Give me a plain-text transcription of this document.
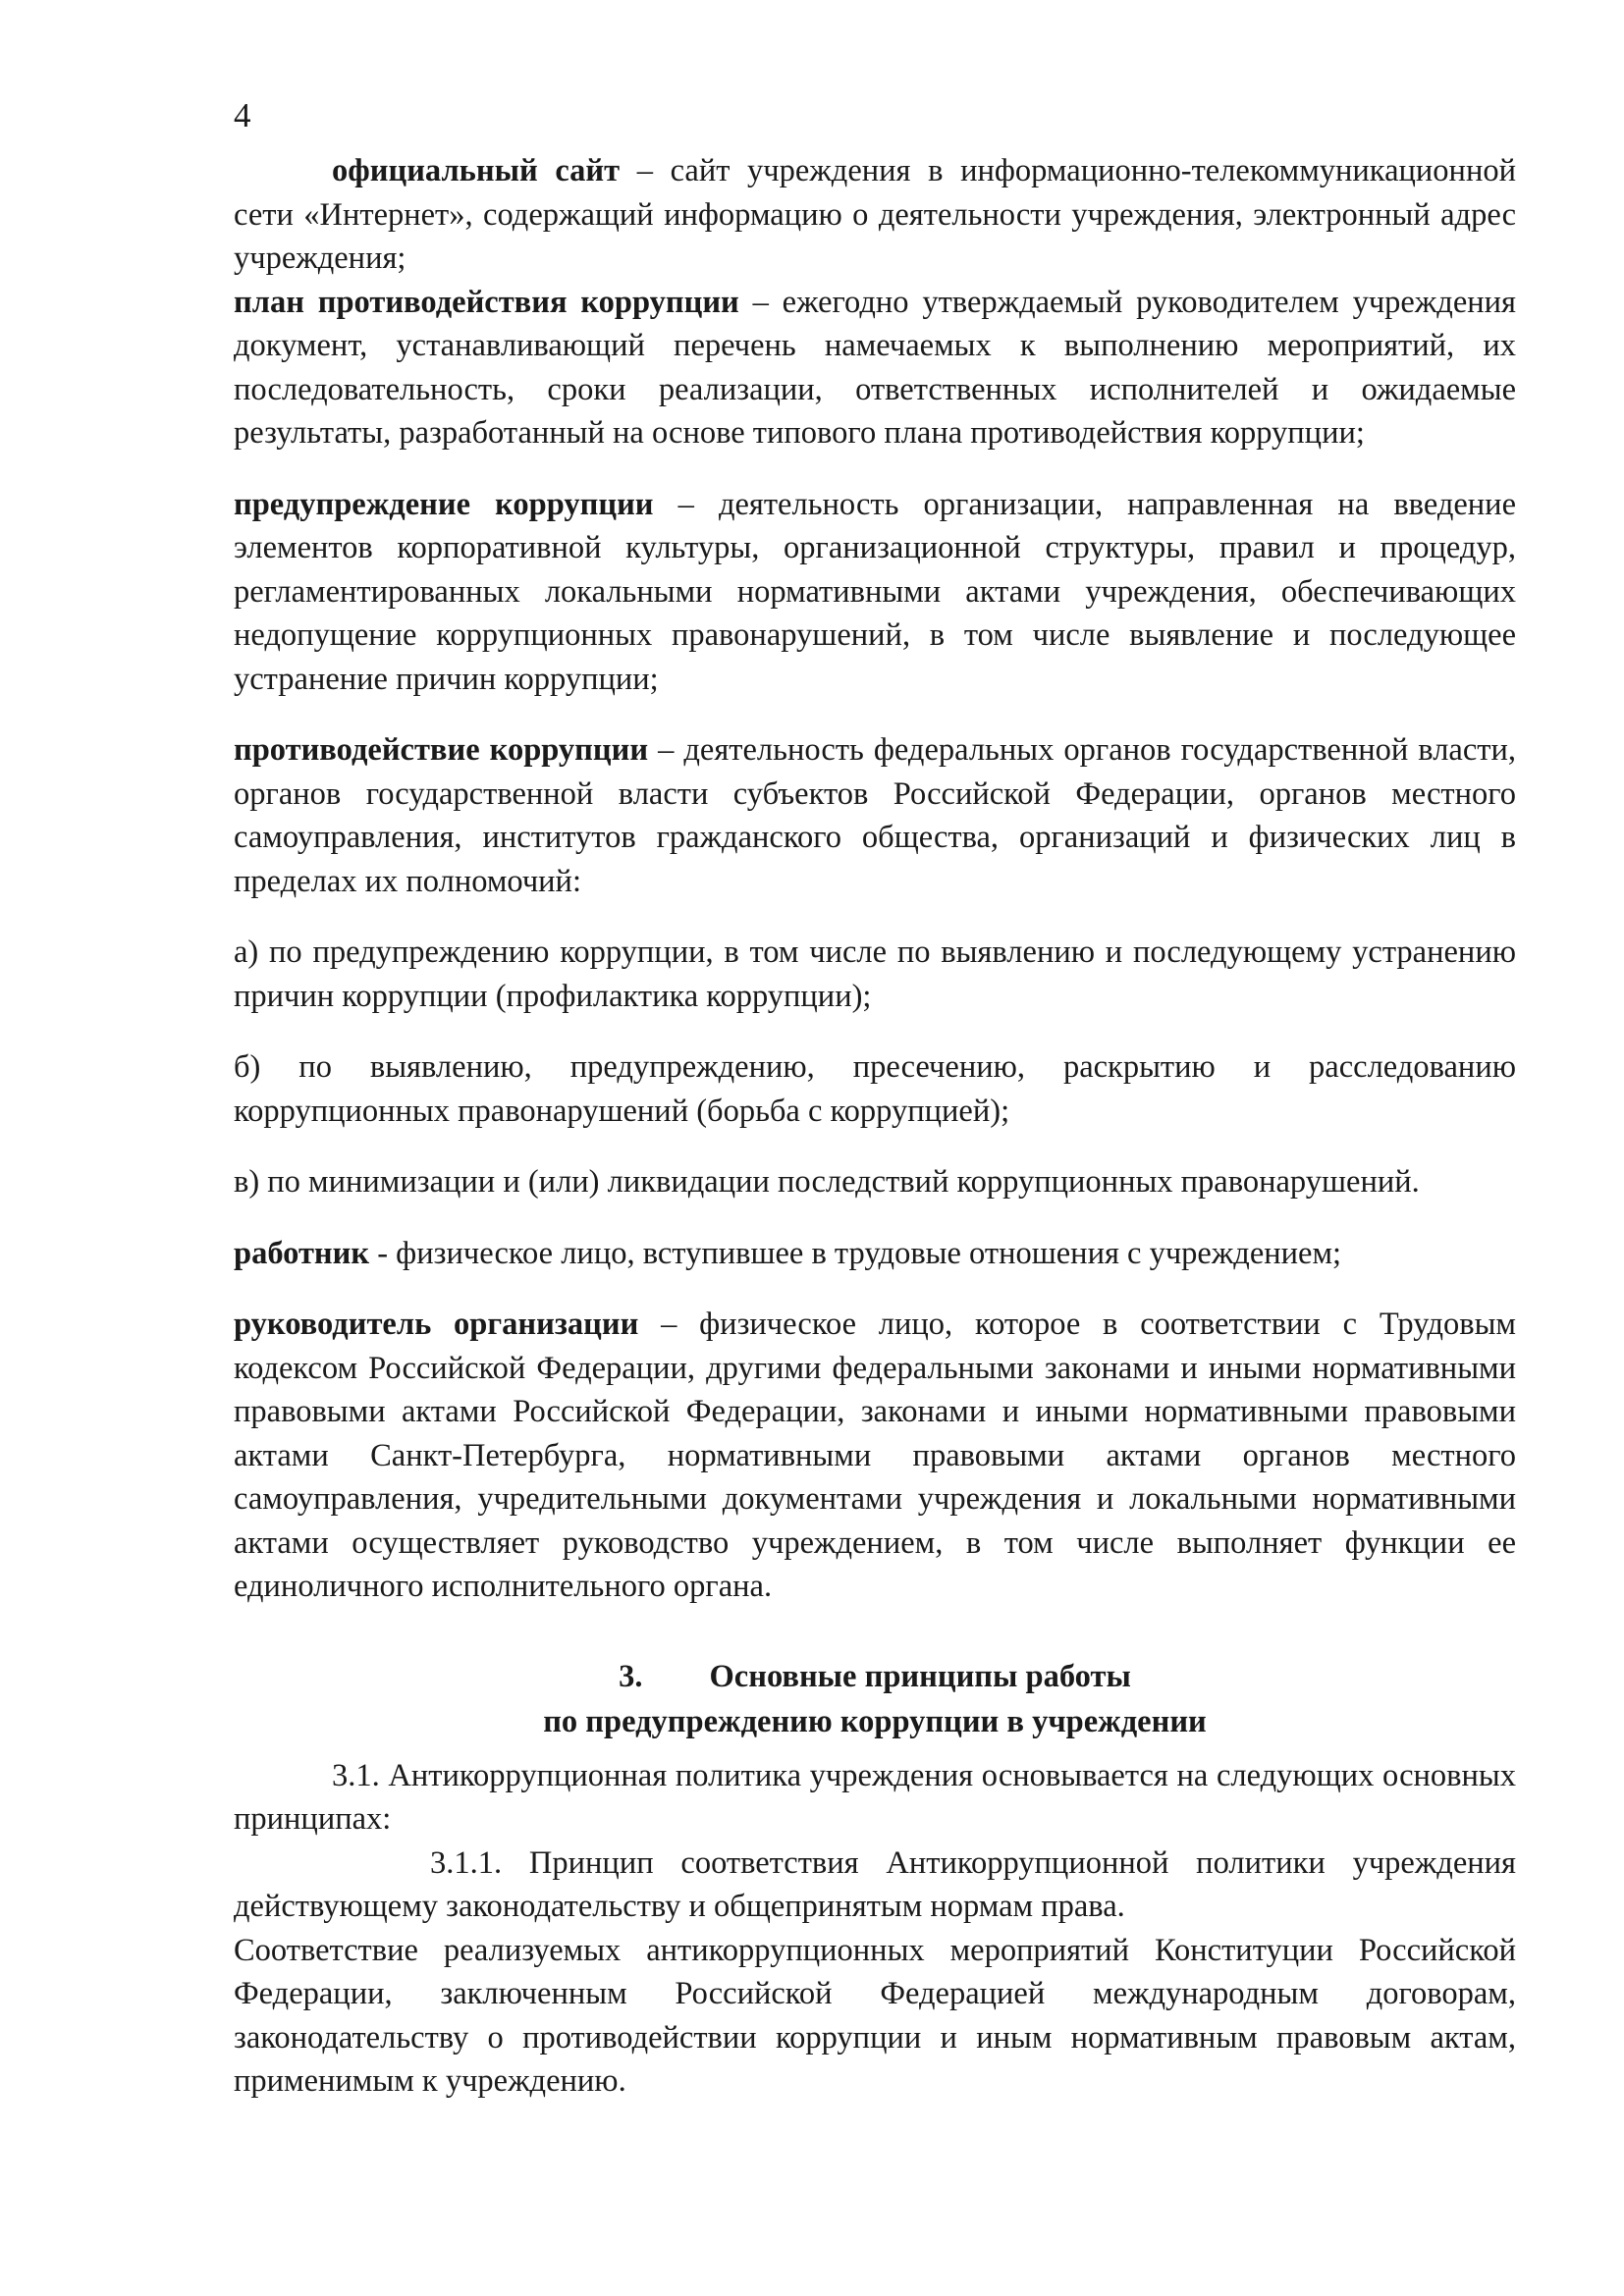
4

официальный сайт – сайт учреждения в информационно-телекоммуникационной сети «Интернет», содержащий информацию о деятельности учреждения, электронный адрес учреждения;

план противодействия коррупции – ежегодно утверждаемый руководителем учреждения документ, устанавливающий перечень намечаемых к выполнению мероприятий, их последовательность, сроки реализации, ответственных исполнителей и ожидаемые результаты, разработанный на основе типового плана противодействия коррупции;

предупреждение коррупции – деятельность организации, направленная на введение элементов корпоративной культуры, организационной структуры, правил и процедур, регламентированных локальными нормативными актами учреждения, обеспечивающих недопущение коррупционных правонарушений, в том числе выявление и последующее устранение причин коррупции;

противодействие коррупции – деятельность федеральных органов государственной власти, органов государственной власти субъектов Российской Федерации, органов местного самоуправления, институтов гражданского общества, организаций и физических лиц в пределах их полномочий:

а) по предупреждению коррупции, в том числе по выявлению и последующему устранению причин коррупции (профилактика коррупции);

б) по выявлению, предупреждению, пресечению, раскрытию и расследованию коррупционных правонарушений (борьба с коррупцией);

в) по минимизации и (или) ликвидации последствий коррупционных правонарушений.

работник - физическое лицо, вступившее в трудовые отношения с учреждением;

руководитель организации – физическое лицо, которое в соответствии с Трудовым кодексом Российской Федерации, другими федеральными законами и иными нормативными правовыми актами Российской Федерации, законами и иными нормативными правовыми актами Санкт-Петербурга, нормативными правовыми актами органов местного самоуправления, учредительными документами учреждения и локальными нормативными актами осуществляет руководство учреждением, в том числе выполняет функции ее единоличного исполнительного органа.

3. Основные принципы работы
по предупреждению коррупции в учреждении

3.1. Антикоррупционная политика учреждения основывается на следующих основных принципах:

3.1.1. Принцип соответствия Антикоррупционной политики учреждения действующему законодательству и общепринятым нормам права.

Соответствие реализуемых антикоррупционных мероприятий Конституции Российской Федерации, заключенным Российской Федерацией международным договорам, законодательству о противодействии коррупции и иным нормативным правовым актам, применимым к учреждению.
